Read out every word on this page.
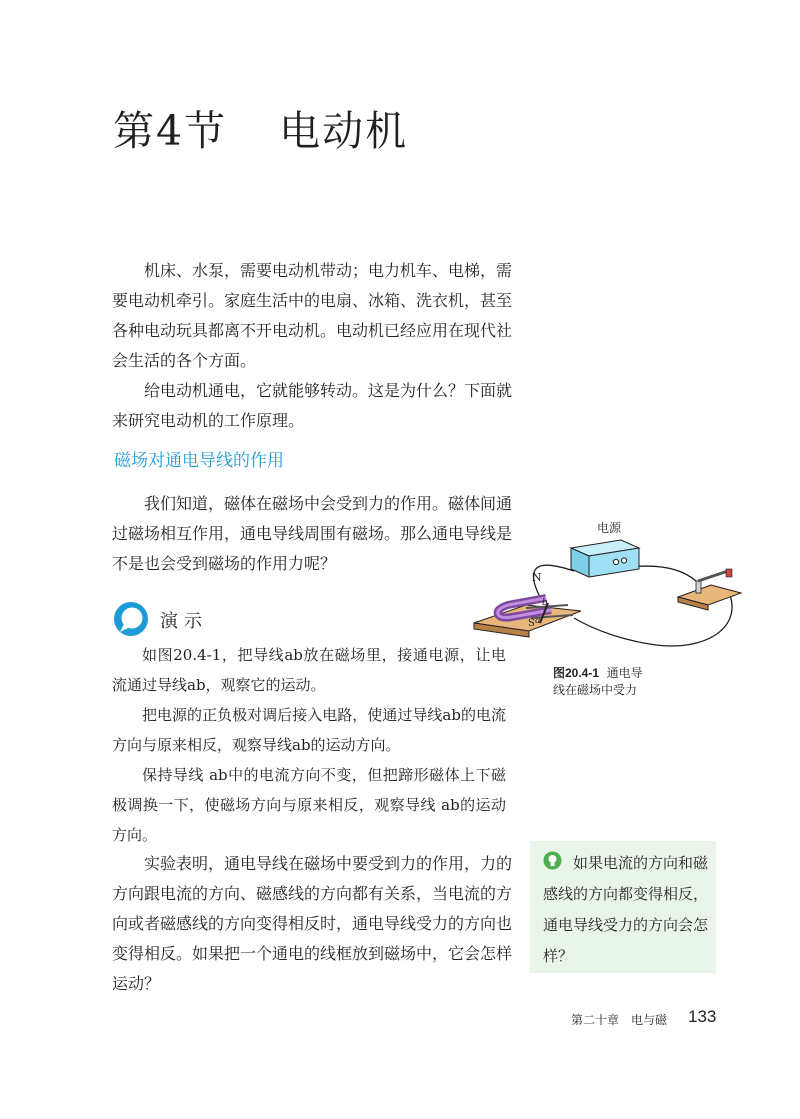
第4节 电动机

机床、水泵，需要电动机带动；电力机车、电梯，需要电动机牵引。家庭生活中的电扇、冰箱、洗衣机，甚至各种电动玩具都离不开电动机。电动机已经应用在现代社会生活的各个方面。

给电动机通电，它就能够转动。这是为什么？下面就来研究电动机的工作原理。

磁场对通电导线的作用

我们知道，磁体在磁场中会受到力的作用。磁体间通过磁场相互作用，通电导线周围有磁场。那么通电导线是不是也会受到磁场的作用力呢？

电源
N
S a
b
图20.4-1 通电导
线在磁场中受力
演示

如图20.4-1，把导线ab放在磁场里，接通电源，让电流通过导线ab，观察它的运动。

把电源的正负极对调后接入电路，使通过导线ab的电流方向与原来相反，观察导线ab的运动方向。

保持导线 ab中的电流方向不变，但把蹄形磁体上下磁极调换一下，使磁场方向与原来相反，观察导线 ab的运动方向。

实验表明，通电导线在磁场中要受到力的作用，力的方向跟电流的方向、磁感线的方向都有关系，当电流的方向或者磁感线的方向变得相反时，通电导线受力的方向也变得相反。如果把一个通电的线框放到磁场中，它会怎样运动？

如果电流的方向和磁感线的方向都变得相反，通电导线受力的方向会怎样？
第二十章　电与磁 133
